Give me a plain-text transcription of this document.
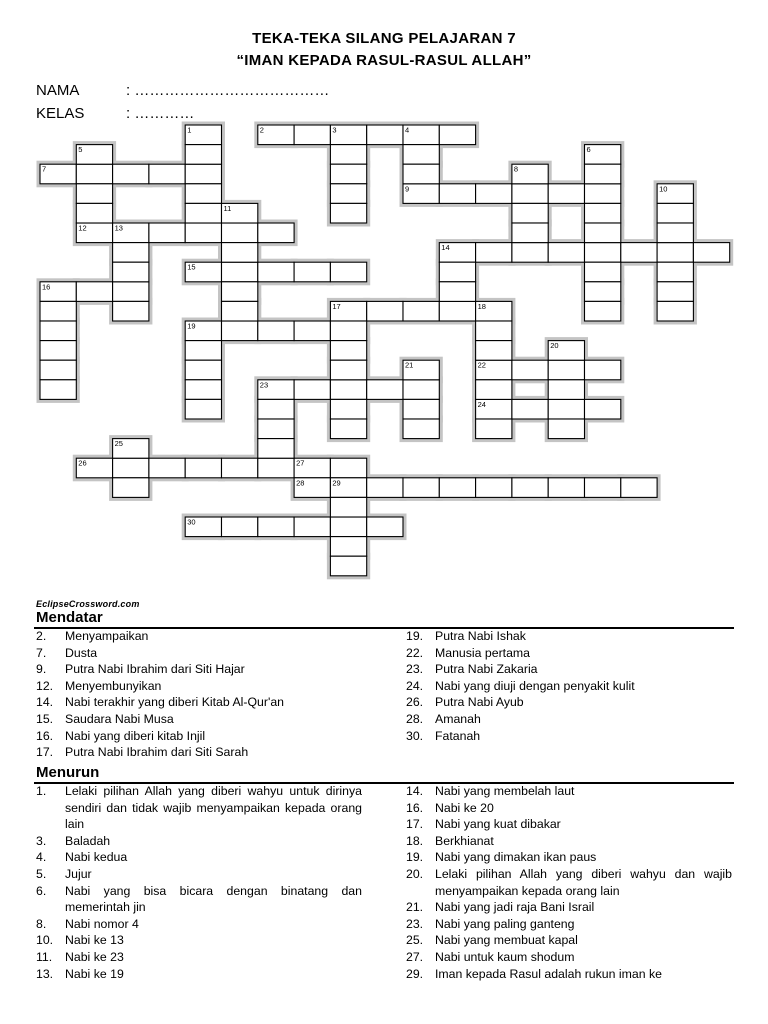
TEKA-TEKA SILANG PELAJARAN 7
“IMAN KEPADA RASUL-RASUL ALLAH”
NAMA	: …………………………………
KELAS	: …………
2	3	4
7
9
12	13
14
15
16
17	18
19
22
23
24
26	27
28	29
30
1
5	6
8
10
11
20
21
25
EclipseCrossword.com
Mendatar
2. Menyampaikan
7. Dusta
9. Putra Nabi Ibrahim dari Siti Hajar
12. Menyembunyikan
14. Nabi terakhir yang diberi Kitab Al-Qur'an
15. Saudara Nabi Musa
16. Nabi yang diberi kitab Injil
17. Putra Nabi Ibrahim dari Siti Sarah
19. Putra Nabi Ishak
22. Manusia pertama
23. Putra Nabi Zakaria
24. Nabi yang diuji dengan penyakit kulit
26. Putra Nabi Ayub
28. Amanah
30. Fatanah
Menurun
1. Lelaki pilihan Allah yang diberi wahyu untuk dirinya sendiri dan tidak wajib menyampaikan kepada orang lain
3. Baladah
4. Nabi kedua
5. Jujur
6. Nabi yang bisa bicara dengan binatang dan memerintah jin
8. Nabi nomor 4
10. Nabi ke 13
11. Nabi ke 23
13. Nabi ke 19
14. Nabi yang membelah laut
16. Nabi ke 20
17. Nabi yang kuat dibakar
18. Berkhianat
19. Nabi yang dimakan ikan paus
20. Lelaki pilihan Allah yang diberi wahyu dan wajib menyampaikan kepada orang lain
21. Nabi yang jadi raja Bani Israil
23. Nabi yang paling ganteng
25. Nabi yang membuat kapal
27. Nabi untuk kaum shodum
29. Iman kepada Rasul adalah rukun iman ke
